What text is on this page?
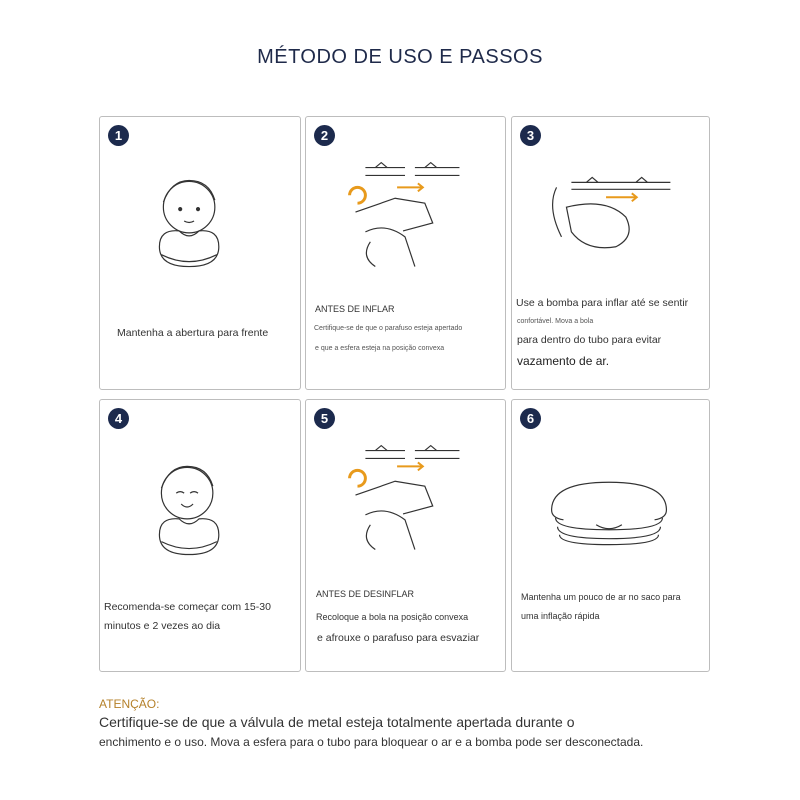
MÉTODO DE USO E PASSOS
1
Mantenha a abertura para frente
2
ANTES DE INFLAR
Certifique-se de que o parafuso esteja apertado
e que a esfera esteja na posição convexa
3
Use a bomba para inflar até se sentir
confortável. Mova a bola
para dentro do tubo para evitar
vazamento de ar.
4
Recomenda-se começar com 15-30
minutos e 2 vezes ao dia
5
ANTES DE DESINFLAR
Recoloque a bola na posição convexa
e afrouxe o parafuso para esvaziar
6
Mantenha um pouco de ar no saco para
uma inflação rápida
ATENÇÃO:
Certifique-se de que a válvula de metal esteja totalmente apertada durante o
enchimento e o uso. Mova a esfera para o tubo para bloquear o ar e a bomba pode ser desconectada.
